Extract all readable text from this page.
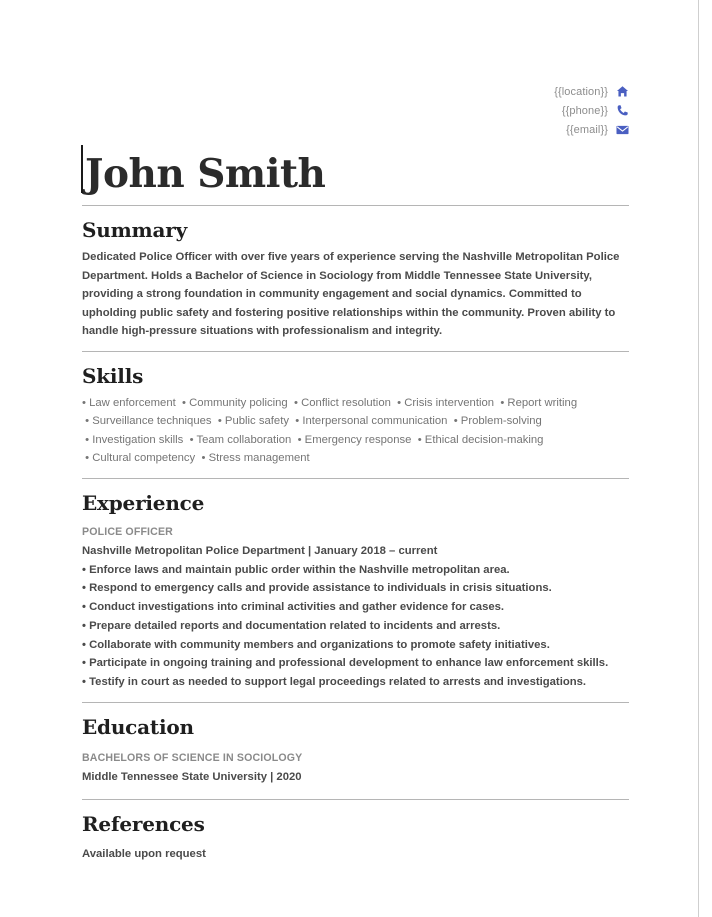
{{location}}
{{phone}}
{{email}}
John Smith
Summary

Dedicated Police Officer with over five years of experience serving the Nashville Metropolitan Police Department. Holds a Bachelor of Science in Sociology from Middle Tennessee State University, providing a strong foundation in community engagement and social dynamics. Committed to upholding public safety and fostering positive relationships within the community. Proven ability to handle high-pressure situations with professionalism and integrity.

Skills

• Law enforcement • Community policing • Conflict resolution • Crisis intervention • Report writing  • Surveillance techniques • Public safety • Interpersonal communication • Problem-solving  • Investigation skills • Team collaboration • Emergency response • Ethical decision-making  • Cultural competency • Stress management

Experience

POLICE OFFICER

Nashville Metropolitan Police Department | January 2018 – current

• Enforce laws and maintain public order within the Nashville metropolitan area.
• Respond to emergency calls and provide assistance to individuals in crisis situations.
• Conduct investigations into criminal activities and gather evidence for cases.
• Prepare detailed reports and documentation related to incidents and arrests.
• Collaborate with community members and organizations to promote safety initiatives.
• Participate in ongoing training and professional development to enhance law enforcement skills.
• Testify in court as needed to support legal proceedings related to arrests and investigations.
Education

BACHELORS OF SCIENCE IN SOCIOLOGY

Middle Tennessee State University | 2020

References

Available upon request
